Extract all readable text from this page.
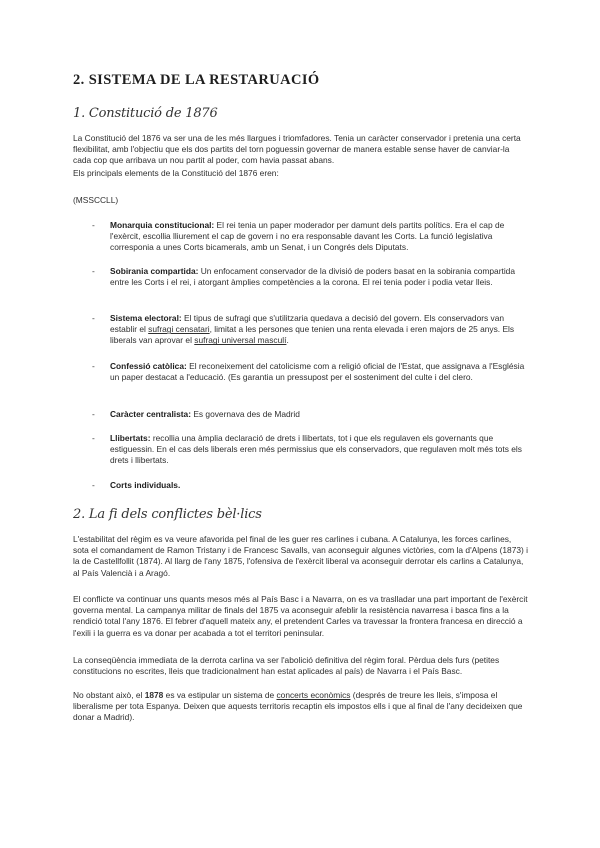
2. SISTEMA DE LA RESTARUACIÓ
1. Constitució de 1876

La Constitució del 1876 va ser una de les més llargues i triomfadores. Tenia un caràcter conservador i pretenia una certa flexibilitat, amb l'objectiu que els dos partits del torn poguessin governar de manera estable sense haver de canviar-la cada cop que arribava un nou partit al poder, com havia passat abans.

Els principals elements de la Constitució del 1876 eren:

(MSSCCLL)

- Monarquia constitucional: El rei tenia un paper moderador per damunt dels partits polítics. Era el cap de l'exèrcit, escollia lliurement el cap de govern i no era responsable davant les Corts. La funció legislativa corresponia a unes Corts bicamerals, amb un Senat, i un Congrés dels Diputats.
- Sobirania compartida: Un enfocament conservador de la divisió de poders basat en la sobirania compartida entre les Corts i el rei, i atorgant àmplies competències a la corona. El rei tenia poder i podia vetar lleis.
- Sistema electoral: El tipus de sufragi que s'utilitzaria quedava a decisió del govern. Els conservadors van establir el sufragi censatari, limitat a les persones que tenien una renta elevada i eren majors de 25 anys. Els liberals van aprovar el sufragi universal masculí.
- Confessió catòlica: El reconeixement del catolicisme com a religió oficial de l'Estat, que assignava a l'Església un paper destacat a l'educació. (Es garantia un pressupost per el sosteniment del culte i del clero.
- Caràcter centralista: Es governava des de Madrid
- Llibertats: recollia una àmplia declaració de drets i llibertats, tot i que els regulaven els governants que estiguessin. En el cas dels liberals eren més permissius que els conservadors, que regulaven molt més tots els drets i llibertats.
- Corts individuals.
2. La fi dels conflictes bèl·lics

L'estabilitat del règim es va veure afavorida pel final de les guer res carlines i cubana. A Catalunya, les forces carlines, sota el comandament de Ramon Tristany i de Francesc Savalls, van aconseguir algunes victòries, com la d'Alpens (1873) i la de Castellfollit (1874). Al llarg de l'any 1875, l'ofensiva de l'exèrcit liberal va aconseguir derrotar els carlins a Catalunya, al País Valencià i a Aragó.

El conflicte va continuar uns quants mesos més al País Basc i a Navarra, on es va traslladar una part important de l'exèrcit governa mental. La campanya militar de finals del 1875 va aconseguir afeblir la resistència navarresa i basca fins a la rendició total l'any 1876. El febrer d'aquell mateix any, el pretendent Carles va travessar la frontera francesa en direcció a l'exili i la guerra es va donar per acabada a tot el territori peninsular.

La conseqüència immediata de la derrota carlina va ser l'abolició definitiva del règim foral. Pèrdua dels furs (petites constitucions no escrites, lleis que tradicionalment han estat aplicades al país) de Navarra i el País Basc.

No obstant això, el 1878 es va estipular un sistema de concerts econòmics (després de treure les lleis, s'imposa el liberalisme per tota Espanya. Deixen que aquests territoris recaptin els impostos ells i que al final de l'any decideixen que donar a Madrid).
